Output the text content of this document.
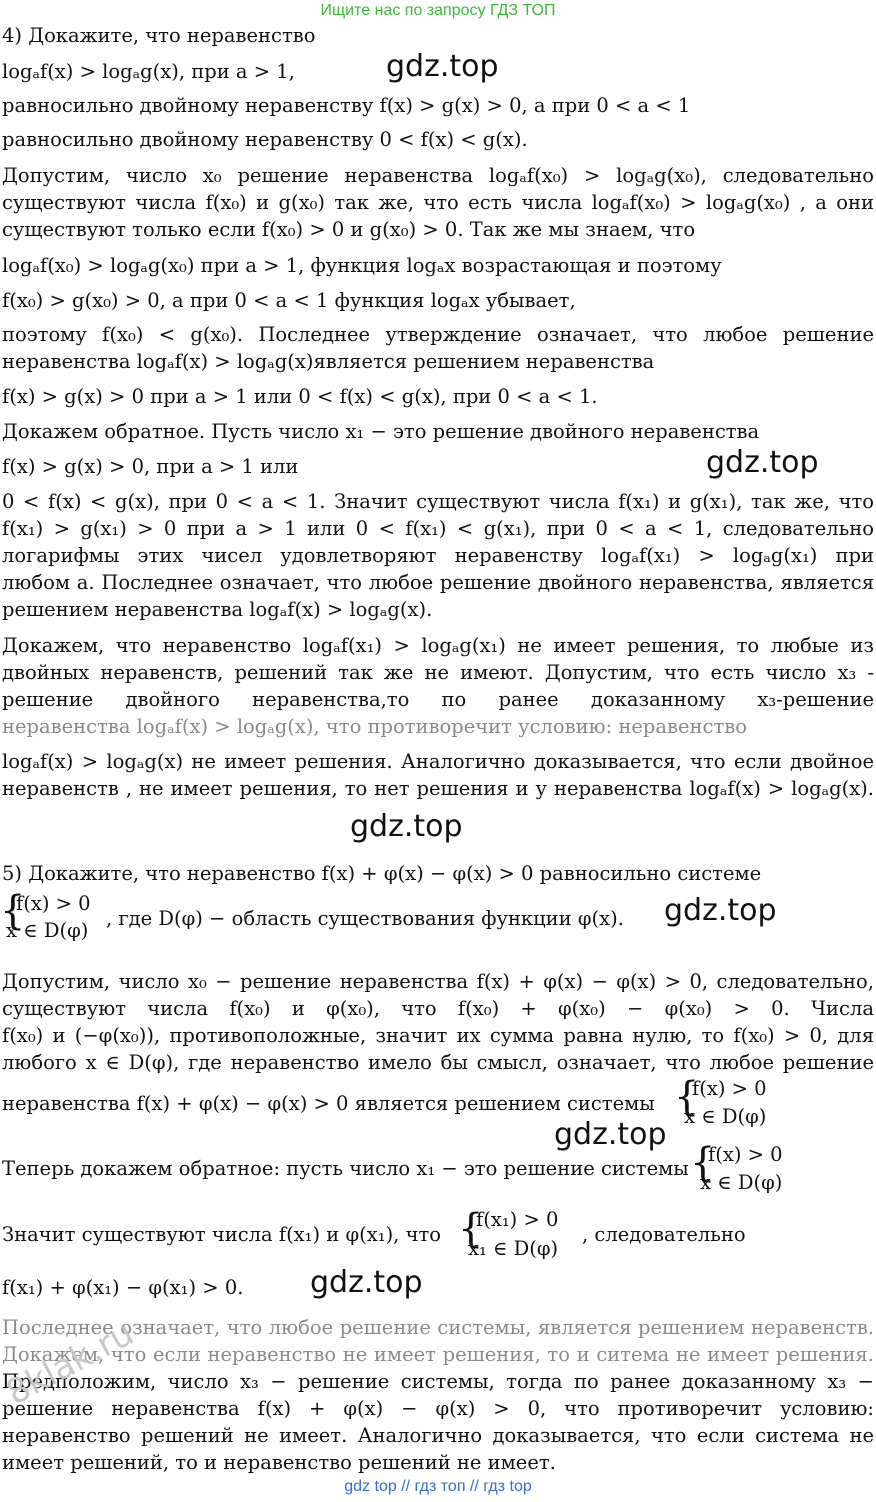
Ищите нас по запросу ГДЗ ТОП
4) Докажите, что неравенство
logₐf(x) > logₐg(x), при a > 1,
равносильно двойному неравенству f(x) > g(x) > 0, а при 0 < a < 1
равносильно двойному неравенству 0 < f(x) < g(x).
Допустим, число x₀ решение неравенства logₐf(x₀) > logₐg(x₀), следовательно
существуют числа f(x₀) и g(x₀) так же, что есть числа logₐf(x₀) > logₐg(x₀) , а они
существуют только если f(x₀) > 0 и g(x₀) > 0. Так же мы знаем, что
logₐf(x₀) > logₐg(x₀) при a > 1, функция logₐx возрастающая и поэтому
f(x₀) > g(x₀) > 0, а при 0 < a < 1 функция logₐx убывает,
поэтому f(x₀) < g(x₀). Последнее утверждение означает, что любое решение
неравенства logₐf(x) > logₐg(x)является решением неравенства
f(x) > g(x) > 0 при a > 1 или 0 < f(x) < g(x), при 0 < a < 1.
Докажем обратное. Пусть число x₁ − это решение двойного неравенства
f(x) > g(x) > 0, при a > 1 или
0 < f(x) < g(x), при 0 < a < 1. Значит существуют числа f(x₁) и g(x₁), так же, что
f(x₁) > g(x₁) > 0 при a > 1 или 0 < f(x₁) < g(x₁), при 0 < a < 1, следовательно
логарифмы этих чисел удовлетворяют неравенству logₐf(x₁) > logₐg(x₁) при
любом a. Последнее означает, что любое решение двойного неравенства, является
решением неравенства logₐf(x) > logₐg(x).
Докажем, что неравенство logₐf(x₁) > logₐg(x₁) не имеет решения, то любые из
двойных неравенств, решений так же не имеют. Допустим, что есть число x₃ -
решение двойного неравенства,то по ранее доказанному x₃-решение
неравенства logₐf(x) > logₐg(x), что противоречит условию: неравенство
logₐf(x) > logₐg(x) не имеет решения. Аналогично доказывается, что если двойное
неравенств , не имеет решения, то нет решения и у неравенства logₐf(x) > logₐg(x).
5) Докажите, что неравенство f(x) + φ(x) − φ(x) > 0 равносильно системе
{
f(x) > 0
x ∈ D(φ)
, где D(φ) − область существования функции φ(x).
Допустим, число x₀ − решение неравенства f(x) + φ(x) − φ(x) > 0, следовательно,
существуют числа f(x₀) и φ(x₀), что f(x₀) + φ(x₀) − φ(x₀) > 0. Числа
f(x₀) и (−φ(x₀)), противоположные, значит их сумма равна нулю, то f(x₀) > 0, для
любого x ∈ D(φ), где неравенство имело бы смысл, означает, что любое решение
неравенства f(x) + φ(x) − φ(x) > 0 является решением системы {
f(x) > 0
x ∈ D(φ)
Теперь докажем обратное: пусть число x₁ − это решение системы {
f(x) > 0
x ∈ D(φ)
Значит существуют числа f(x₁) и φ(x₁), что {
f(x₁) > 0
x₁ ∈ D(φ)
, следовательно
f(x₁) + φ(x₁) − φ(x₁) > 0.
Последнее означает, что любое решение системы, является решением неравенств.
Докажем, что если неравенство не имеет решения, то и ситема не имеет решения.
Предположим, число x₃ − решение системы, тогда по ранее доказанному x₃ −
решение неравенства f(x) + φ(x) − φ(x) > 0, что противоречит условию:
неравенство решений не имеет. Аналогично доказывается, что если система не
имеет решений, то и неравенство решений не имеет.
gdz.top
gdz.top
gdz.top
gdz.top
gdz.top
gdz.top
8klak.ru
gdz top // гдз топ // гдз top
